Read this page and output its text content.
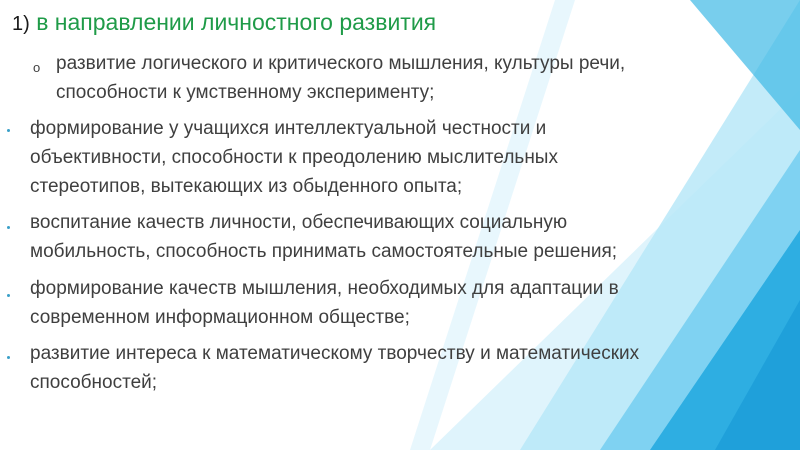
1) в направлении личностного развития
o развитие логического и критического мышления, культуры речи,
способности к умственному эксперименту;
формирование у учащихся интеллектуальной честности и
объективности, способности к преодолению мыслительных
стереотипов, вытекающих из обыденного опыта;
воспитание качеств личности, обеспечивающих социальную
мобильность, способность принимать самостоятельные решения;
формирование качеств мышления, необходимых для адаптации в
современном информационном обществе;
развитие интереса к математическому творчеству и математических
способностей;
